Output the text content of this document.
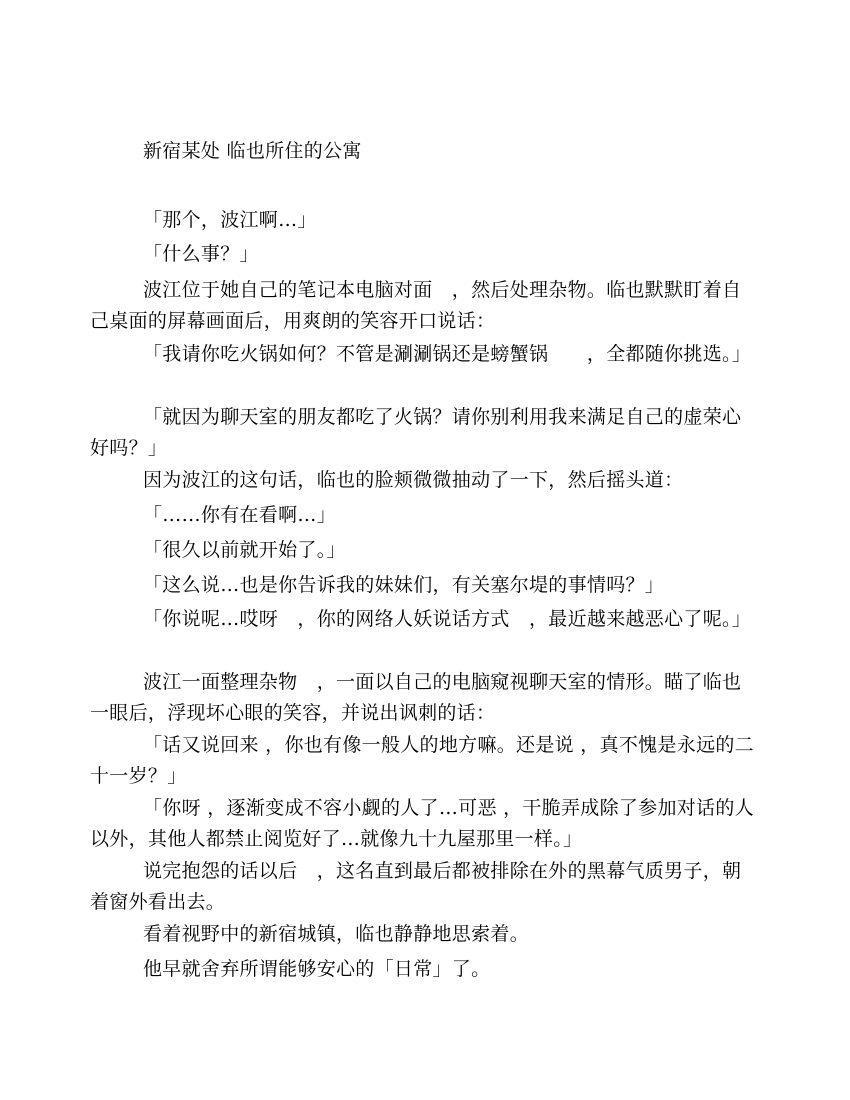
新宿某处 临也所住的公寓
「那个，波江啊…」
「什么事？」
波江位于她自己的笔记本电脑对面　，然后处理杂物。临也默默盯着自己桌面的屏幕画面后，用爽朗的笑容开口说话：
「我请你吃火锅如何？不管是涮涮锅还是螃蟹锅　　，全都随你挑选。」
「就因为聊天室的朋友都吃了火锅？请你别利用我来满足自己的虚荣心好吗？」
因为波江的这句话，临也的脸颊微微抽动了一下，然后摇头道：
「……你有在看啊…」
「很久以前就开始了。」
「这么说…也是你告诉我的妹妹们，有关塞尔堤的事情吗？」
「你说呢…哎呀　，你的网络人妖说话方式　，最近越来越恶心了呢。」
波江一面整理杂物　，一面以自己的电脑窥视聊天室的情形。瞄了临也一眼后，浮现坏心眼的笑容，并说出讽刺的话：
「话又说回来 ，你也有像一般人的地方嘛。还是说 ，真不愧是永远的二十一岁？」
「你呀 ，逐渐变成不容小觑的人了…可恶 ，干脆弄成除了参加对话的人以外，其他人都禁止阅览好了…就像九十九屋那里一样。」
说完抱怨的话以后　，这名直到最后都被排除在外的黑幕气质男子，朝着窗外看出去。
看着视野中的新宿城镇，临也静静地思索着。
他早就舍弃所谓能够安心的「日常」了。
